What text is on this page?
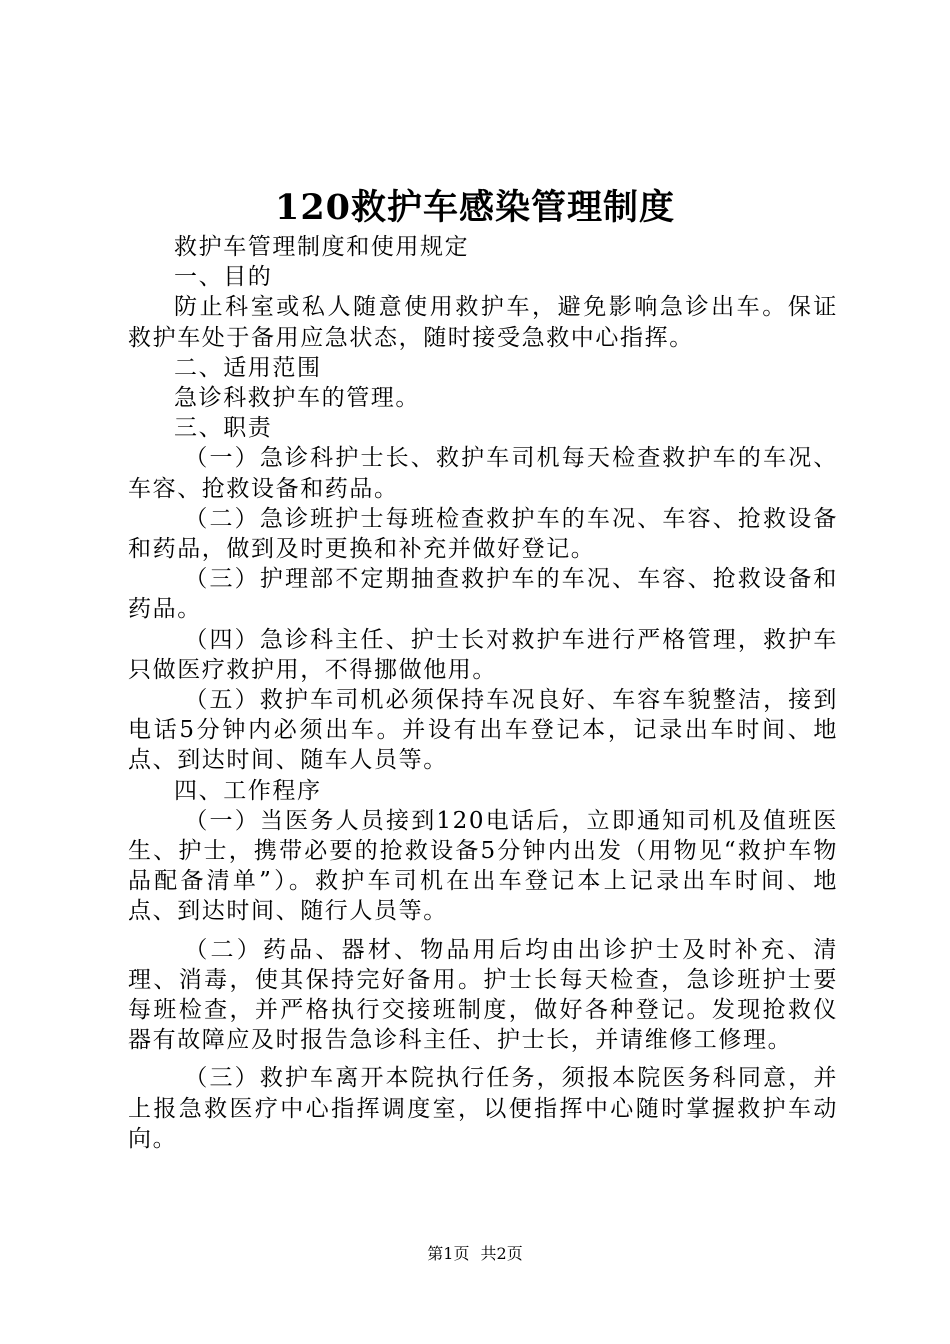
120救护车感染管理制度

救护车管理制度和使用规定

一、目的

防止科室或私人随意使用救护车，避免影响急诊出车。保证救护车处于备用应急状态，随时接受急救中心指挥。

二、适用范围

急诊科救护车的管理。

三、职责

（一）急诊科护士长、救护车司机每天检查救护车的车况、车容、抢救设备和药品。

（二）急诊班护士每班检查救护车的车况、车容、抢救设备和药品，做到及时更换和补充并做好登记。

（三）护理部不定期抽查救护车的车况、车容、抢救设备和药品。

（四）急诊科主任、护士长对救护车进行严格管理，救护车只做医疗救护用，不得挪做他用。

（五）救护车司机必须保持车况良好、车容车貌整洁，接到电话5分钟内必须出车。并设有出车登记本，记录出车时间、地点、到达时间、随车人员等。

四、工作程序

（一）当医务人员接到120电话后，立即通知司机及值班医生、护士，携带必要的抢救设备5分钟内出发（用物见“救护车物品配备清单”）。救护车司机在出车登记本上记录出车时间、地点、到达时间、随行人员等。

（二）药品、器材、物品用后均由出诊护士及时补充、清理、消毒，使其保持完好备用。护士长每天检查，急诊班护士要每班检查，并严格执行交接班制度，做好各种登记。发现抢救仪器有故障应及时报告急诊科主任、护士长，并请维修工修理。

（三）救护车离开本院执行任务，须报本院医务科同意，并上报急救医疗中心指挥调度室，以便指挥中心随时掌握救护车动向。

第1页 共2页
